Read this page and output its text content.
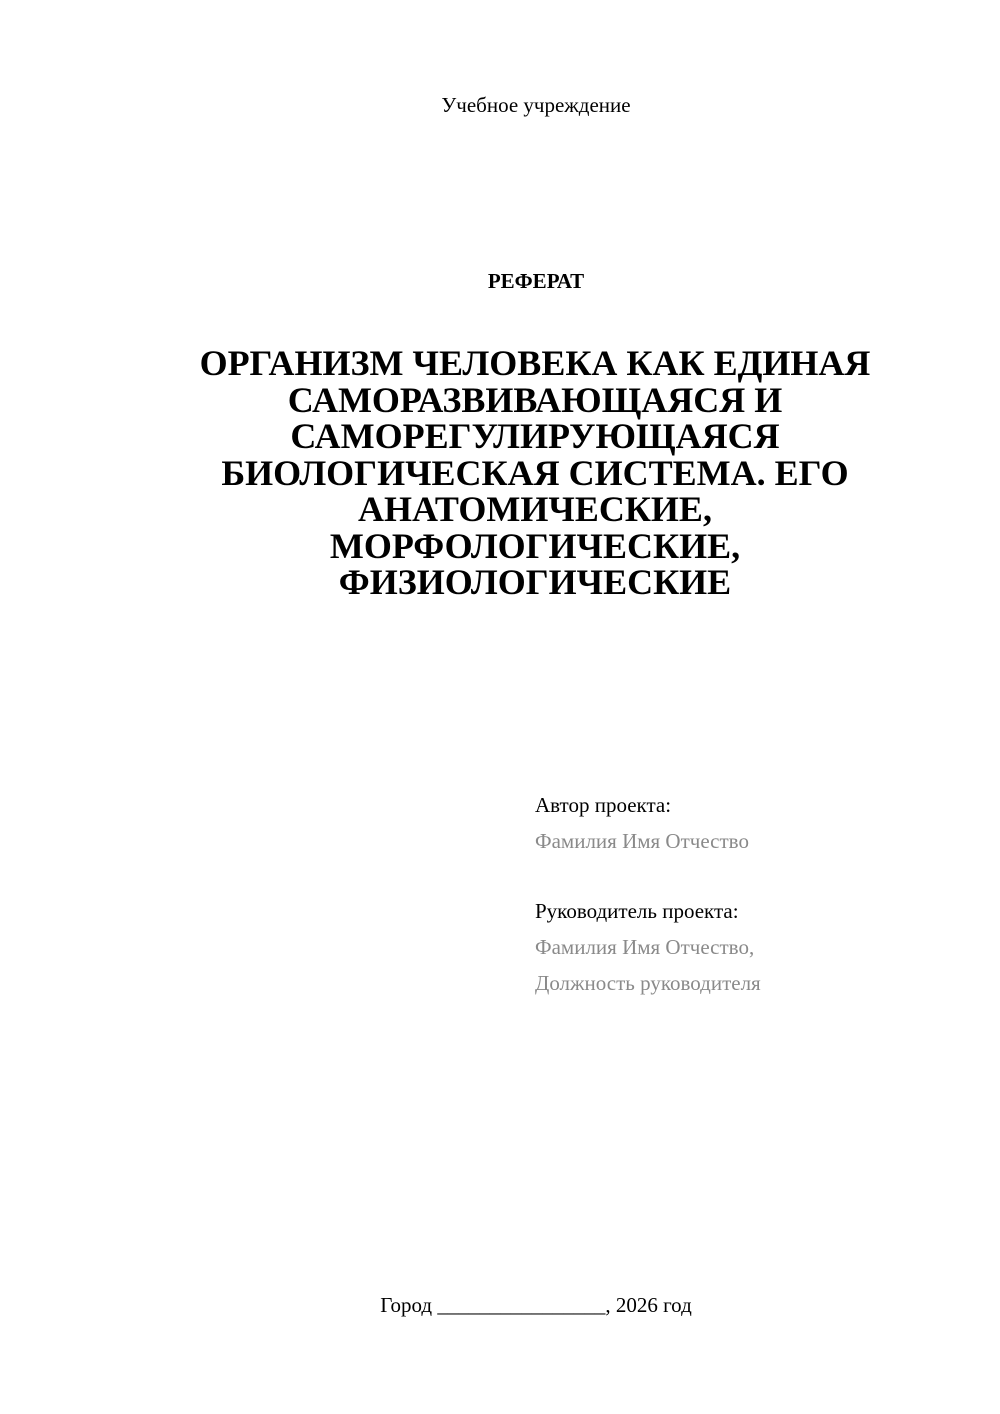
Учебное учреждение
РЕФЕРАТ
ОРГАНИЗМ ЧЕЛОВЕКА КАК ЕДИНАЯ САМОРАЗВИВАЮЩАЯСЯ И САМОРЕГУЛИРУЮЩАЯСЯ БИОЛОГИЧЕСКАЯ СИСТЕМА. ЕГО АНАТОМИЧЕСКИЕ, МОРФОЛОГИЧЕСКИЕ, ФИЗИОЛОГИЧЕСКИЕ
Автор проекта:
Фамилия Имя Отчество
Руководитель проекта:
Фамилия Имя Отчество,
Должность руководителя
Город ________________, 2026 год
